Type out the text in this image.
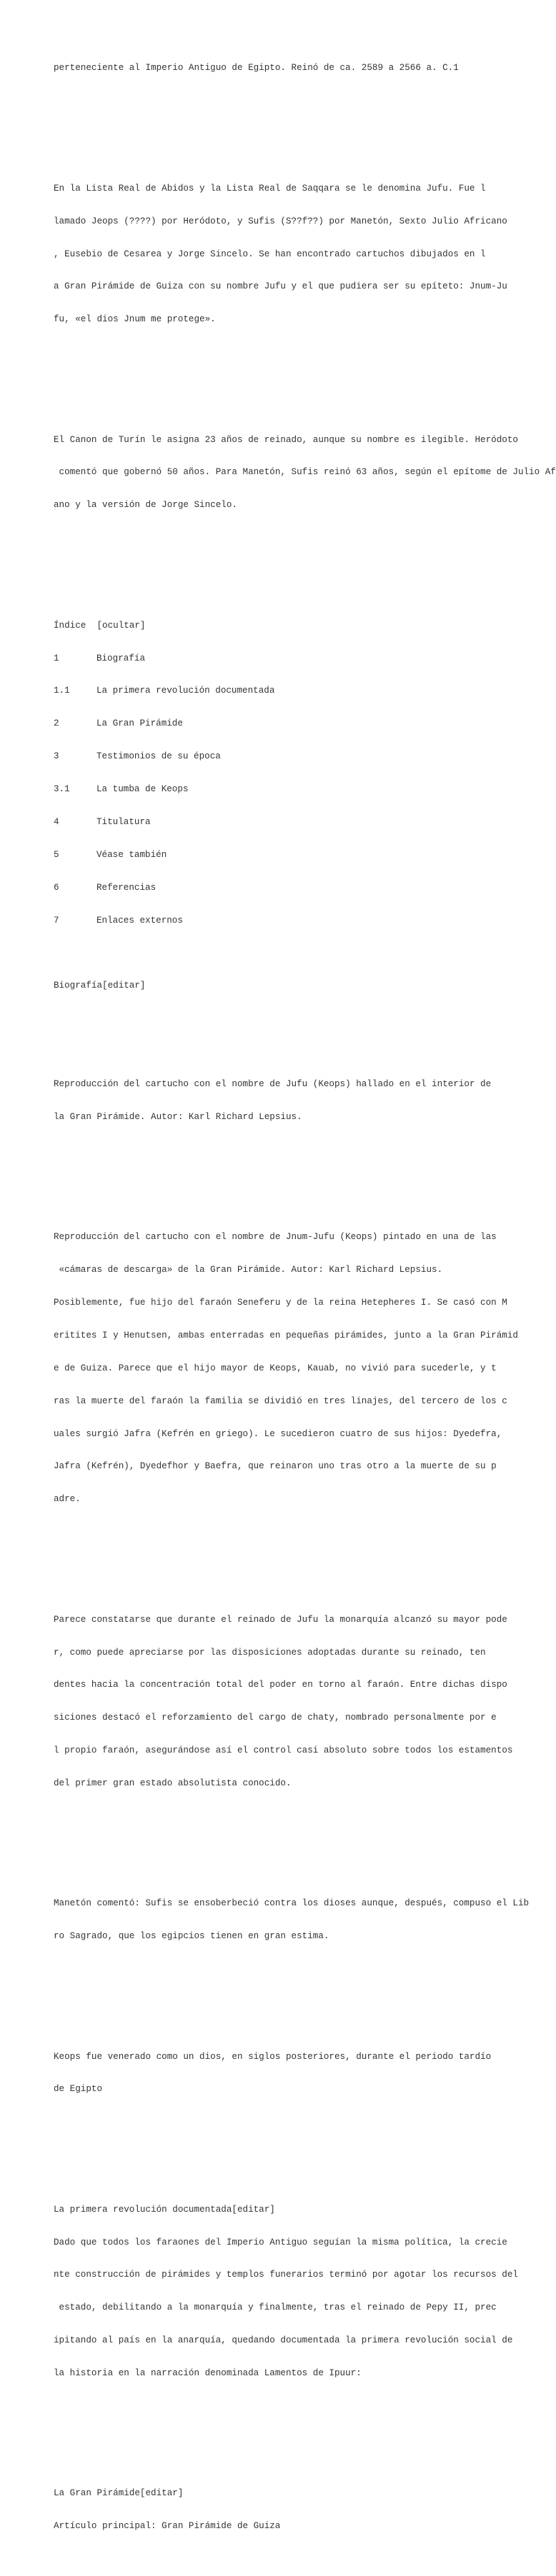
perteneciente al Imperio Antiguo de Egipto. Reinó de ca. 2589 a 2566 a. C.1

En la Lista Real de Abidos y la Lista Real de Saqqara se le denomina Jufu. Fue l

lamado Jeops (????) por Heródoto, y Sufis (S??f??) por Manetón, Sexto Julio Africano

, Eusebio de Cesarea y Jorge Sincelo. Se han encontrado cartuchos dibujados en l

a Gran Pirámide de Guiza con su nombre Jufu y el que pudiera ser su epíteto: Jnum-Ju

fu, «el dios Jnum me protege».

El Canon de Turín le asigna 23 años de reinado, aunque su nombre es ilegible. Heródoto

comentó que gobernó 50 años. Para Manetón, Sufis reinó 63 años, según el epítome de Julio Af

ano y la versión de Jorge Sincelo.

Índice  [ocultar]

1	Biografía

1.1	La primera revolución documentada

2	La Gran Pirámide

3	Testimonios de su época

3.1	La tumba de Keops

4	Titulatura

5	Véase también

6	Referencias

7	Enlaces externos

Biografía[editar]

Reproducción del cartucho con el nombre de Jufu (Keops) hallado en el interior de

la Gran Pirámide. Autor: Karl Richard Lepsius.

Reproducción del cartucho con el nombre de Jnum-Jufu (Keops) pintado en una de las

«cámaras de descarga» de la Gran Pirámide. Autor: Karl Richard Lepsius.

Posiblemente, fue hijo del faraón Seneferu y de la reina Hetepheres I. Se casó con M

eritites I y Henutsen, ambas enterradas en pequeñas pirámides, junto a la Gran Pirámid

e de Guiza. Parece que el hijo mayor de Keops, Kauab, no vivió para sucederle, y t

ras la muerte del faraón la familia se dividió en tres linajes, del tercero de los c

uales surgió Jafra (Kefrén en griego). Le sucedieron cuatro de sus hijos: Dyedefra,

Jafra (Kefrén), Dyedefhor y Baefra, que reinaron uno tras otro a la muerte de su p

adre.

Parece constatarse que durante el reinado de Jufu la monarquía alcanzó su mayor pode

r, como puede apreciarse por las disposiciones adoptadas durante su reinado, ten

dentes hacia la concentración total del poder en torno al faraón. Entre dichas dispo

siciones destacó el reforzamiento del cargo de chaty, nombrado personalmente por e

l propio faraón, asegurándose así el control casi absoluto sobre todos los estamentos

del primer gran estado absolutista conocido.

Manetón comentó: Sufis se ensoberbeció contra los dioses aunque, después, compuso el Lib

ro Sagrado, que los egipcios tienen en gran estima.

Keops fue venerado como un dios, en siglos posteriores, durante el periodo tardío

de Egipto

La primera revolución documentada[editar]

Dado que todos los faraones del Imperio Antiguo seguían la misma política, la crecie

nte construcción de pirámides y templos funerarios terminó por agotar los recursos del

estado, debilitando a la monarquía y finalmente, tras el reinado de Pepy II, prec

ipitando al país en la anarquía, quedando documentada la primera revolución social de

la historia en la narración denominada Lamentos de Ipuur:

La Gran Pirámide[editar]

Artículo principal: Gran Pirámide de Guiza
